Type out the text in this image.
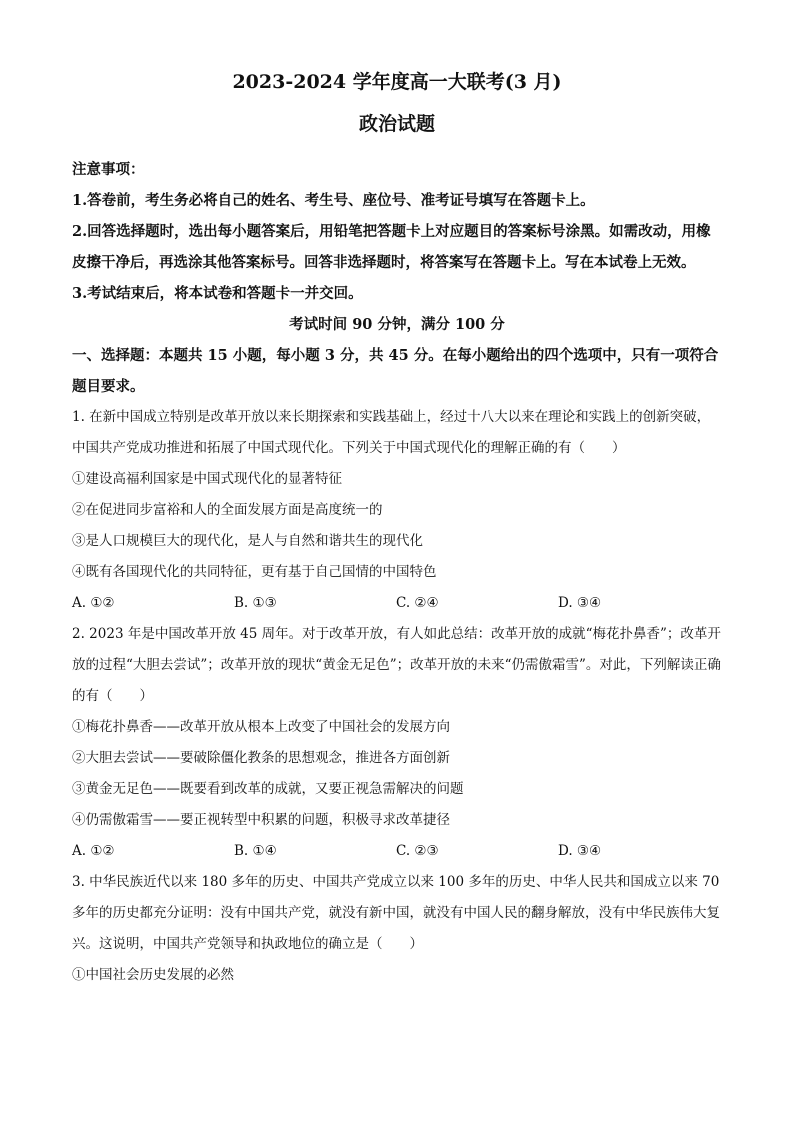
2023-2024 学年度高一大联考(3 月)
政治试题
注意事项：
1.答卷前，考生务必将自己的姓名、考生号、座位号、准考证号填写在答题卡上。
2.回答选择题时，选出每小题答案后，用铅笔把答题卡上对应题目的答案标号涂黑。如需改动，用橡皮擦干净后，再选涂其他答案标号。回答非选择题时，将答案写在答题卡上。写在本试卷上无效。
3.考试结束后，将本试卷和答题卡一并交回。
考试时间 90 分钟，满分 100 分
一、选择题：本题共 15 小题，每小题 3 分，共 45 分。在每小题给出的四个选项中，只有一项符合题目要求。
1. 在新中国成立特别是改革开放以来长期探索和实践基础上，经过十八大以来在理论和实践上的创新突破，中国共产党成功推进和拓展了中国式现代化。下列关于中国式现代化的理解正确的有（　　）
①建设高福利国家是中国式现代化的显著特征
②在促进同步富裕和人的全面发展方面是高度统一的
③是人口规模巨大的现代化，是人与自然和谐共生的现代化
④既有各国现代化的共同特征，更有基于自己国情的中国特色
A. ①②	B. ①③	C. ②④	D. ③④
2. 2023 年是中国改革开放 45 周年。对于改革开放，有人如此总结：改革开放的成就“梅花扑鼻香”；改革开放的过程“大胆去尝试”；改革开放的现状“黄金无足色”；改革开放的未来“仍需傲霜雪”。对此，下列解读正确的有（　　）
①梅花扑鼻香——改革开放从根本上改变了中国社会的发展方向
②大胆去尝试——要破除僵化教条的思想观念，推进各方面创新
③黄金无足色——既要看到改革的成就，又要正视急需解决的问题
④仍需傲霜雪——要正视转型中积累的问题，积极寻求改革捷径
A. ①②	B. ①④	C. ②③	D. ③④
3. 中华民族近代以来 180 多年的历史、中国共产党成立以来 100 多年的历史、中华人民共和国成立以来 70 多年的历史都充分证明：没有中国共产党，就没有新中国，就没有中国人民的翻身解放，没有中华民族伟大复兴。这说明，中国共产党领导和执政地位的确立是（　　）
①中国社会历史发展的必然
